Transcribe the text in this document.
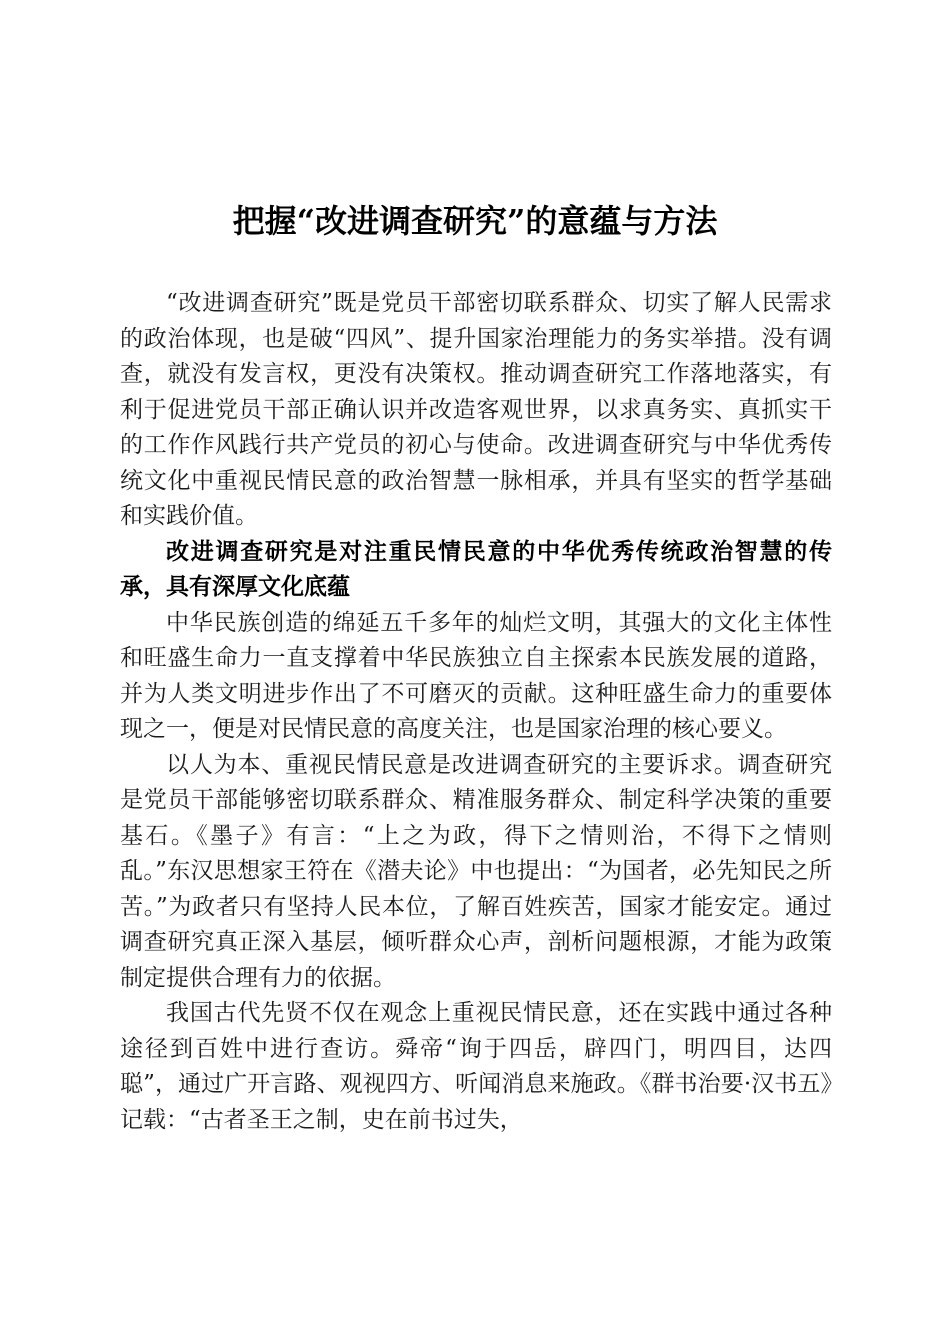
把握“改进调查研究”的意蕴与方法

“改进调查研究”既是党员干部密切联系群众、切实了解人民需求的政治体现，也是破“四风”、提升国家治理能力的务实举措。没有调查，就没有发言权，更没有决策权。推动调查研究工作落地落实，有利于促进党员干部正确认识并改造客观世界，以求真务实、真抓实干的工作作风践行共产党员的初心与使命。改进调查研究与中华优秀传统文化中重视民情民意的政治智慧一脉相承，并具有坚实的哲学基础和实践价值。

改进调查研究是对注重民情民意的中华优秀传统政治智慧的传承，具有深厚文化底蕴

中华民族创造的绵延五千多年的灿烂文明，其强大的文化主体性和旺盛生命力一直支撑着中华民族独立自主探索本民族发展的道路，并为人类文明进步作出了不可磨灭的贡献。这种旺盛生命力的重要体现之一，便是对民情民意的高度关注，也是国家治理的核心要义。

以人为本、重视民情民意是改进调查研究的主要诉求。调查研究是党员干部能够密切联系群众、精准服务群众、制定科学决策的重要基石。《墨子》有言：“上之为政，得下之情则治，不得下之情则乱。”东汉思想家王符在《潜夫论》中也提出：“为国者，必先知民之所苦。”为政者只有坚持人民本位，了解百姓疾苦，国家才能安定。通过调查研究真正深入基层，倾听群众心声，剖析问题根源，才能为政策制定提供合理有力的依据。

我国古代先贤不仅在观念上重视民情民意，还在实践中通过各种途径到百姓中进行查访。舜帝“询于四岳，辟四门，明四目，达四聪”，通过广开言路、观视四方、听闻消息来施政。《群书治要·汉书五》记载：“古者圣王之制，史在前书过失，
